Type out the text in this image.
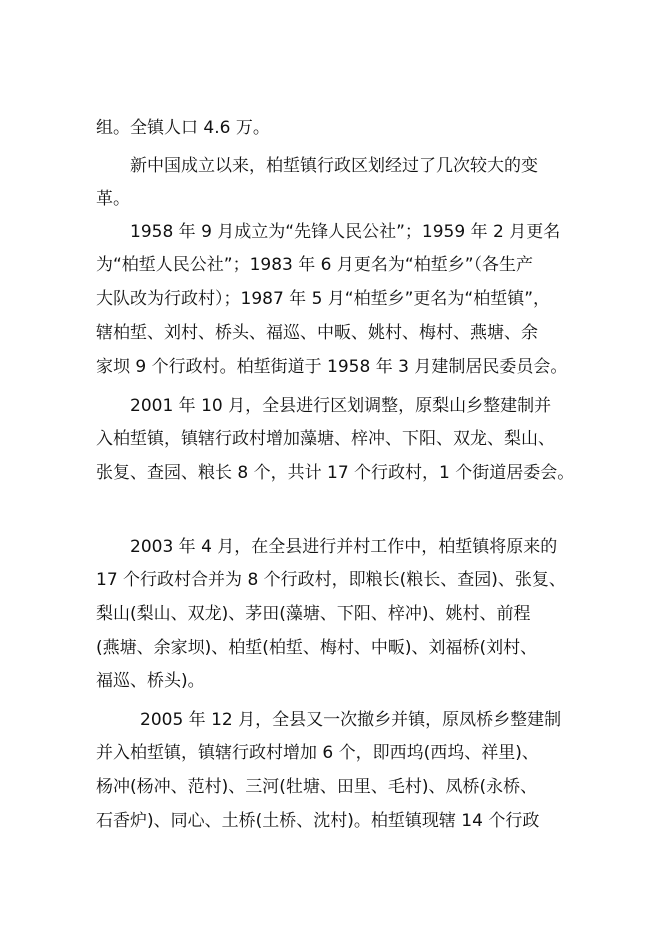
组。全镇人口 4.6 万。
新中国成立以来，柏埑镇行政区划经过了几次较大的变
革。
1958 年 9 月成立为“先锋人民公社”；1959 年 2 月更名
为“柏埑人民公社”；1983 年 6 月更名为“柏埑乡”（各生产
大队改为行政村）；1987 年 5 月“柏埑乡”更名为“柏埑镇”，
辖柏埑、刘村、桥头、福巡、中畈、姚村、梅村、燕塘、余
家坝 9 个行政村。柏埑街道于 1958 年 3 月建制居民委员会。
2001 年 10 月，全县进行区划调整，原梨山乡整建制并
入柏埑镇，镇辖行政村增加藻塘、梓冲、下阳、双龙、梨山、
张复、查园、粮长 8 个，共计 17 个行政村，1 个街道居委会。
2003 年 4 月，在全县进行并村工作中，柏埑镇将原来的
17 个行政村合并为 8 个行政村，即粮长(粮长、查园)、张复、
梨山(梨山、双龙)、茅田(藻塘、下阳、梓冲)、姚村、前程
(燕塘、余家坝)、柏埑(柏埑、梅村、中畈)、刘福桥(刘村、
福巡、桥头)。
2005 年 12 月，全县又一次撤乡并镇，原凤桥乡整建制
并入柏埑镇，镇辖行政村增加 6 个，即西坞(西坞、祥里)、
杨冲(杨冲、范村)、三河(牡塘、田里、毛村)、凤桥(永桥、
石香炉)、同心、土桥(土桥、沈村)。柏埑镇现辖 14 个行政
